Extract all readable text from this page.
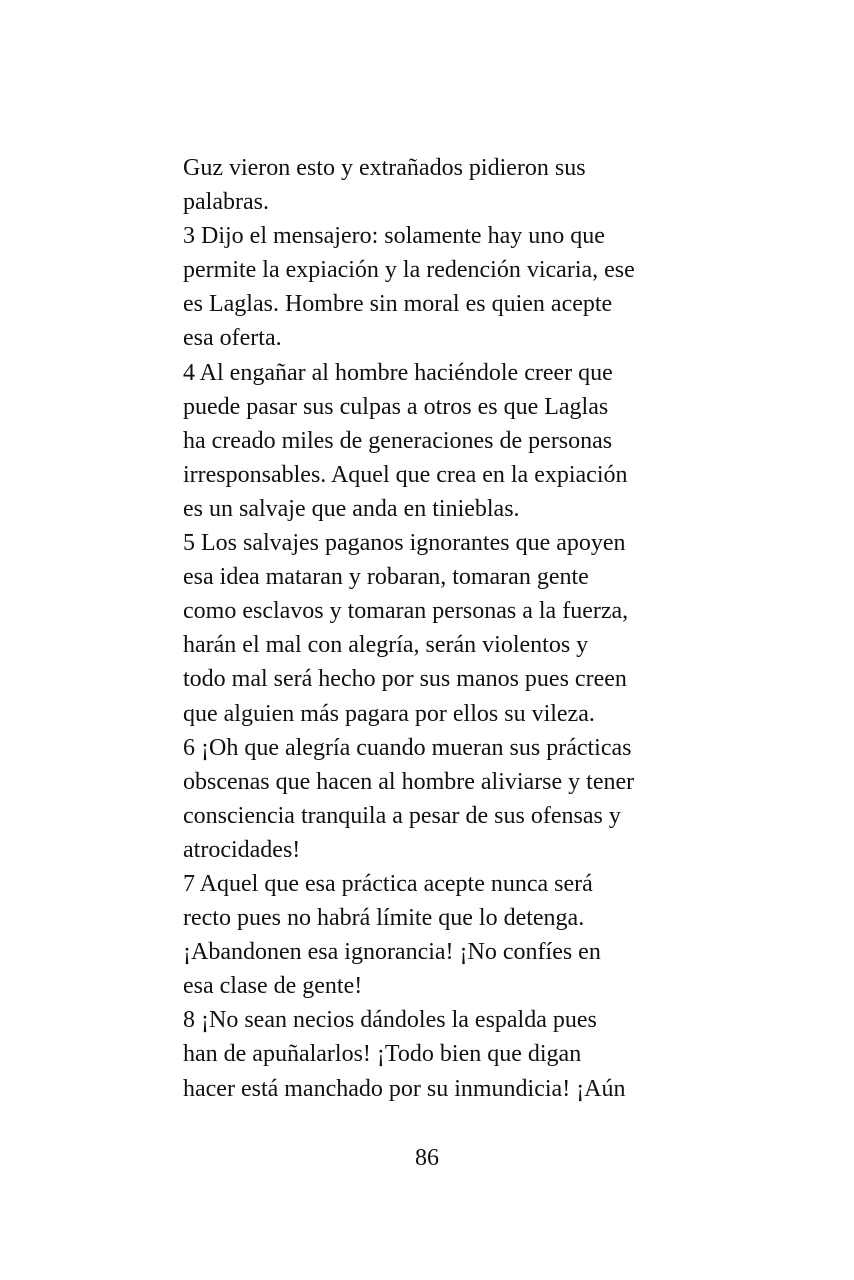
Guz vieron esto y extrañados pidieron sus
palabras.
3 Dijo el mensajero: solamente hay uno que
permite la expiación y la redención vicaria, ese
es Laglas. Hombre sin moral es quien acepte
esa oferta.
4 Al engañar al hombre haciéndole creer que
puede pasar sus culpas a otros es que Laglas
ha creado miles de generaciones de personas
irresponsables. Aquel que crea en la expiación
es un salvaje que anda en tinieblas.
5 Los salvajes paganos ignorantes que apoyen
esa idea mataran y robaran, tomaran gente
como esclavos y tomaran personas a la fuerza,
harán el mal con alegría, serán violentos y
todo mal será hecho por sus manos pues creen
que alguien más pagara por ellos su vileza.
6 ¡Oh que alegría cuando mueran sus prácticas
obscenas que hacen al hombre aliviarse y tener
consciencia tranquila a pesar de sus ofensas y
atrocidades!
7 Aquel que esa práctica acepte nunca será
recto pues no habrá límite que lo detenga.
¡Abandonen esa ignorancia! ¡No confíes en
esa clase de gente!
8 ¡No sean necios dándoles la espalda pues
han de apuñalarlos! ¡Todo bien que digan
hacer está manchado por su inmundicia! ¡Aún
86
